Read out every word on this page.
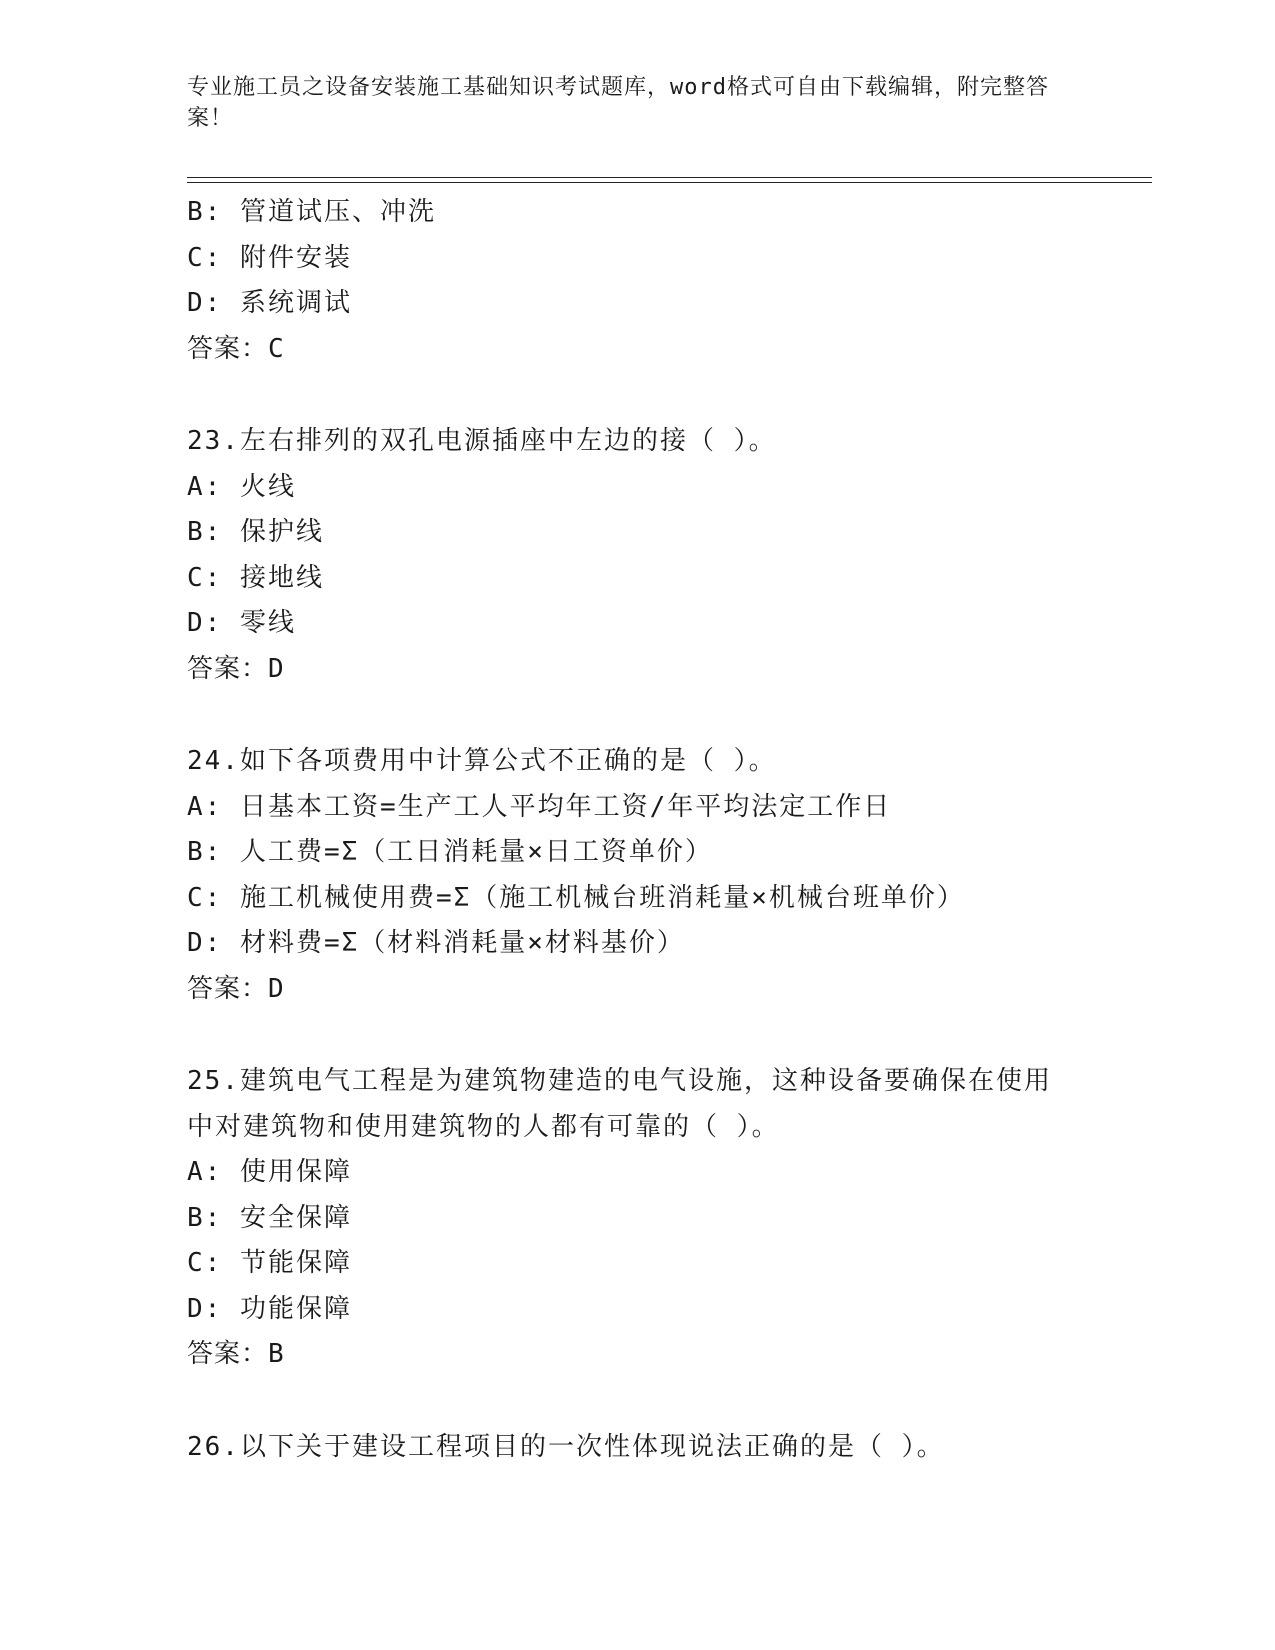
专业施工员之设备安装施工基础知识考试题库，word格式可自由下载编辑，附完整答案！
B: 管道试压、冲洗
C: 附件安装
D: 系统调试
答案：C
23.左右排列的双孔电源插座中左边的接（ ）。
A: 火线
B: 保护线
C: 接地线
D: 零线
答案：D
24.如下各项费用中计算公式不正确的是（ ）。
A: 日基本工资=生产工人平均年工资/年平均法定工作日
B: 人工费=Σ（工日消耗量×日工资单价）
C: 施工机械使用费=Σ（施工机械台班消耗量×机械台班单价）
D: 材料费=Σ（材料消耗量×材料基价）
答案：D
25.建筑电气工程是为建筑物建造的电气设施，这种设备要确保在使用中对建筑物和使用建筑物的人都有可靠的（ ）。
A: 使用保障
B: 安全保障
C: 节能保障
D: 功能保障
答案：B
26.以下关于建设工程项目的一次性体现说法正确的是（ ）。
